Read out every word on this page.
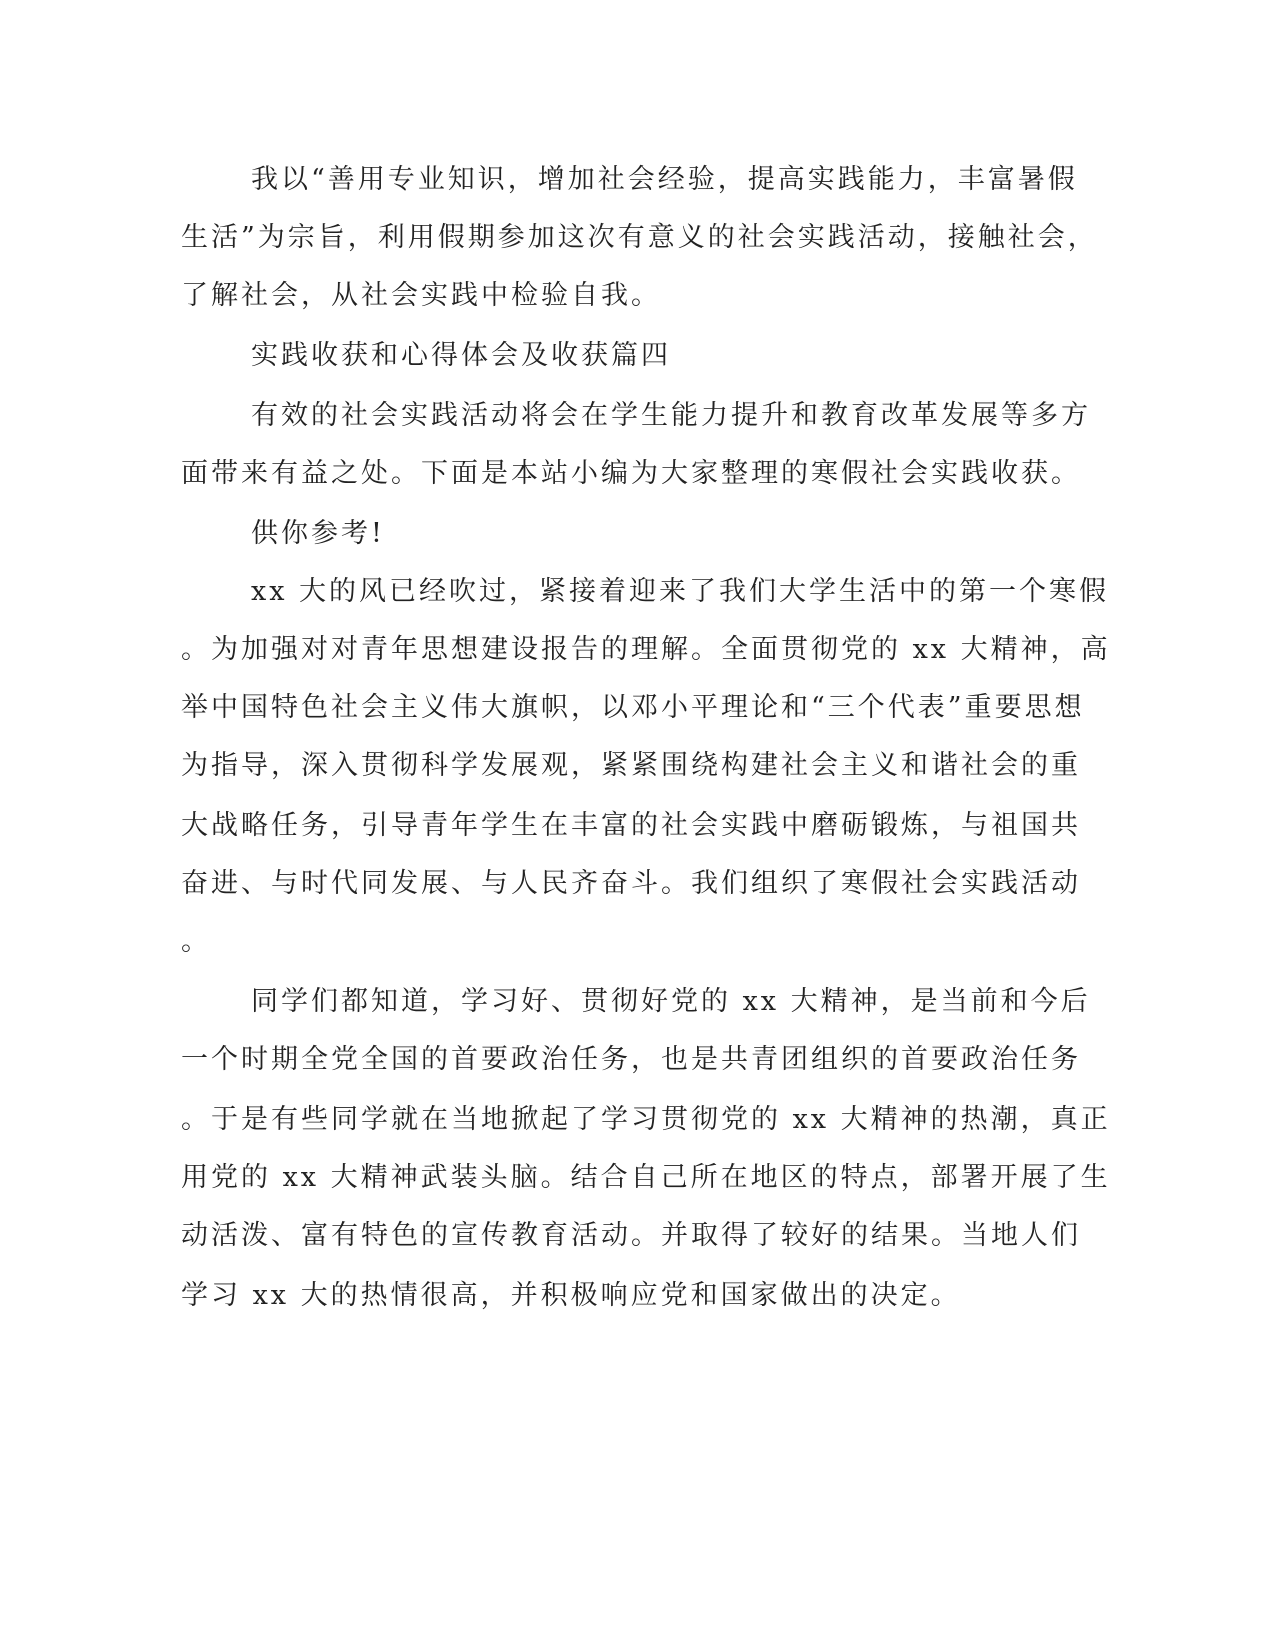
我以“善用专业知识，增加社会经验，提高实践能力，丰富暑假

生活”为宗旨，利用假期参加这次有意义的社会实践活动，接触社会，

了解社会，从社会实践中检验自我。

实践收获和心得体会及收获篇四

有效的社会实践活动将会在学生能力提升和教育改革发展等多方

面带来有益之处。下面是本站小编为大家整理的寒假社会实践收获。

供你参考!

xx 大的风已经吹过，紧接着迎来了我们大学生活中的第一个寒假

。为加强对对青年思想建设报告的理解。全面贯彻党的 xx 大精神，高

举中国特色社会主义伟大旗帜，以邓小平理论和“三个代表”重要思想

为指导，深入贯彻科学发展观，紧紧围绕构建社会主义和谐社会的重

大战略任务，引导青年学生在丰富的社会实践中磨砺锻炼，与祖国共

奋进、与时代同发展、与人民齐奋斗。我们组织了寒假社会实践活动

。

同学们都知道，学习好、贯彻好党的 xx 大精神，是当前和今后

一个时期全党全国的首要政治任务，也是共青团组织的首要政治任务

。于是有些同学就在当地掀起了学习贯彻党的 xx 大精神的热潮，真正

用党的 xx 大精神武装头脑。结合自己所在地区的特点，部署开展了生

动活泼、富有特色的宣传教育活动。并取得了较好的结果。当地人们

学习 xx 大的热情很高，并积极响应党和国家做出的决定。
